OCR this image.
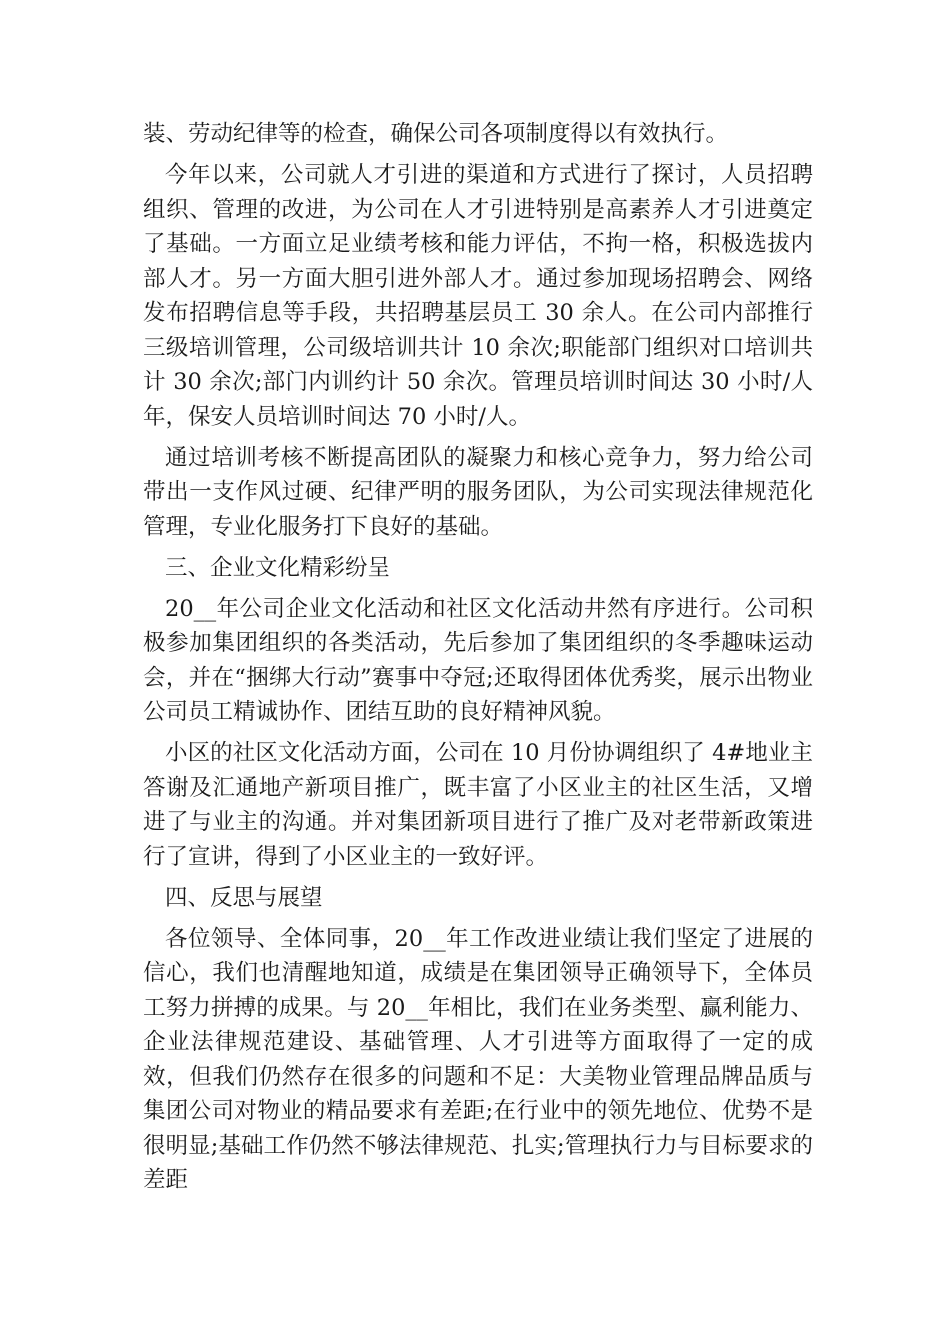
装、劳动纪律等的检查，确保公司各项制度得以有效执行。

今年以来，公司就人才引进的渠道和方式进行了探讨，人员招聘组织、管理的改进，为公司在人才引进特别是高素养人才引进奠定了基础。一方面立足业绩考核和能力评估，不拘一格，积极选拔内部人才。另一方面大胆引进外部人才。通过参加现场招聘会、网络发布招聘信息等手段，共招聘基层员工 30 余人。在公司内部推行三级培训管理，公司级培训共计 10 余次;职能部门组织对口培训共计 30 余次;部门内训约计 50 余次。管理员培训时间达 30 小时/人年，保安人员培训时间达 70 小时/人。

通过培训考核不断提高团队的凝聚力和核心竞争力，努力给公司带出一支作风过硬、纪律严明的服务团队，为公司实现法律规范化管理，专业化服务打下良好的基础。

三、企业文化精彩纷呈

20__年公司企业文化活动和社区文化活动井然有序进行。公司积极参加集团组织的各类活动，先后参加了集团组织的冬季趣味运动会，并在“捆绑大行动”赛事中夺冠;还取得团体优秀奖，展示出物业公司员工精诚协作、团结互助的良好精神风貌。

小区的社区文化活动方面，公司在 10 月份协调组织了 4#地业主答谢及汇通地产新项目推广，既丰富了小区业主的社区生活，又增进了与业主的沟通。并对集团新项目进行了推广及对老带新政策进行了宣讲，得到了小区业主的一致好评。

四、反思与展望

各位领导、全体同事，20__年工作改进业绩让我们坚定了进展的信心，我们也清醒地知道，成绩是在集团领导正确领导下，全体员工努力拼搏的成果。与 20__年相比，我们在业务类型、赢利能力、企业法律规范建设、基础管理、人才引进等方面取得了一定的成效，但我们仍然存在很多的问题和不足：大美物业管理品牌品质与集团公司对物业的精品要求有差距;在行业中的领先地位、优势不是很明显;基础工作仍然不够法律规范、扎实;管理执行力与目标要求的差距
